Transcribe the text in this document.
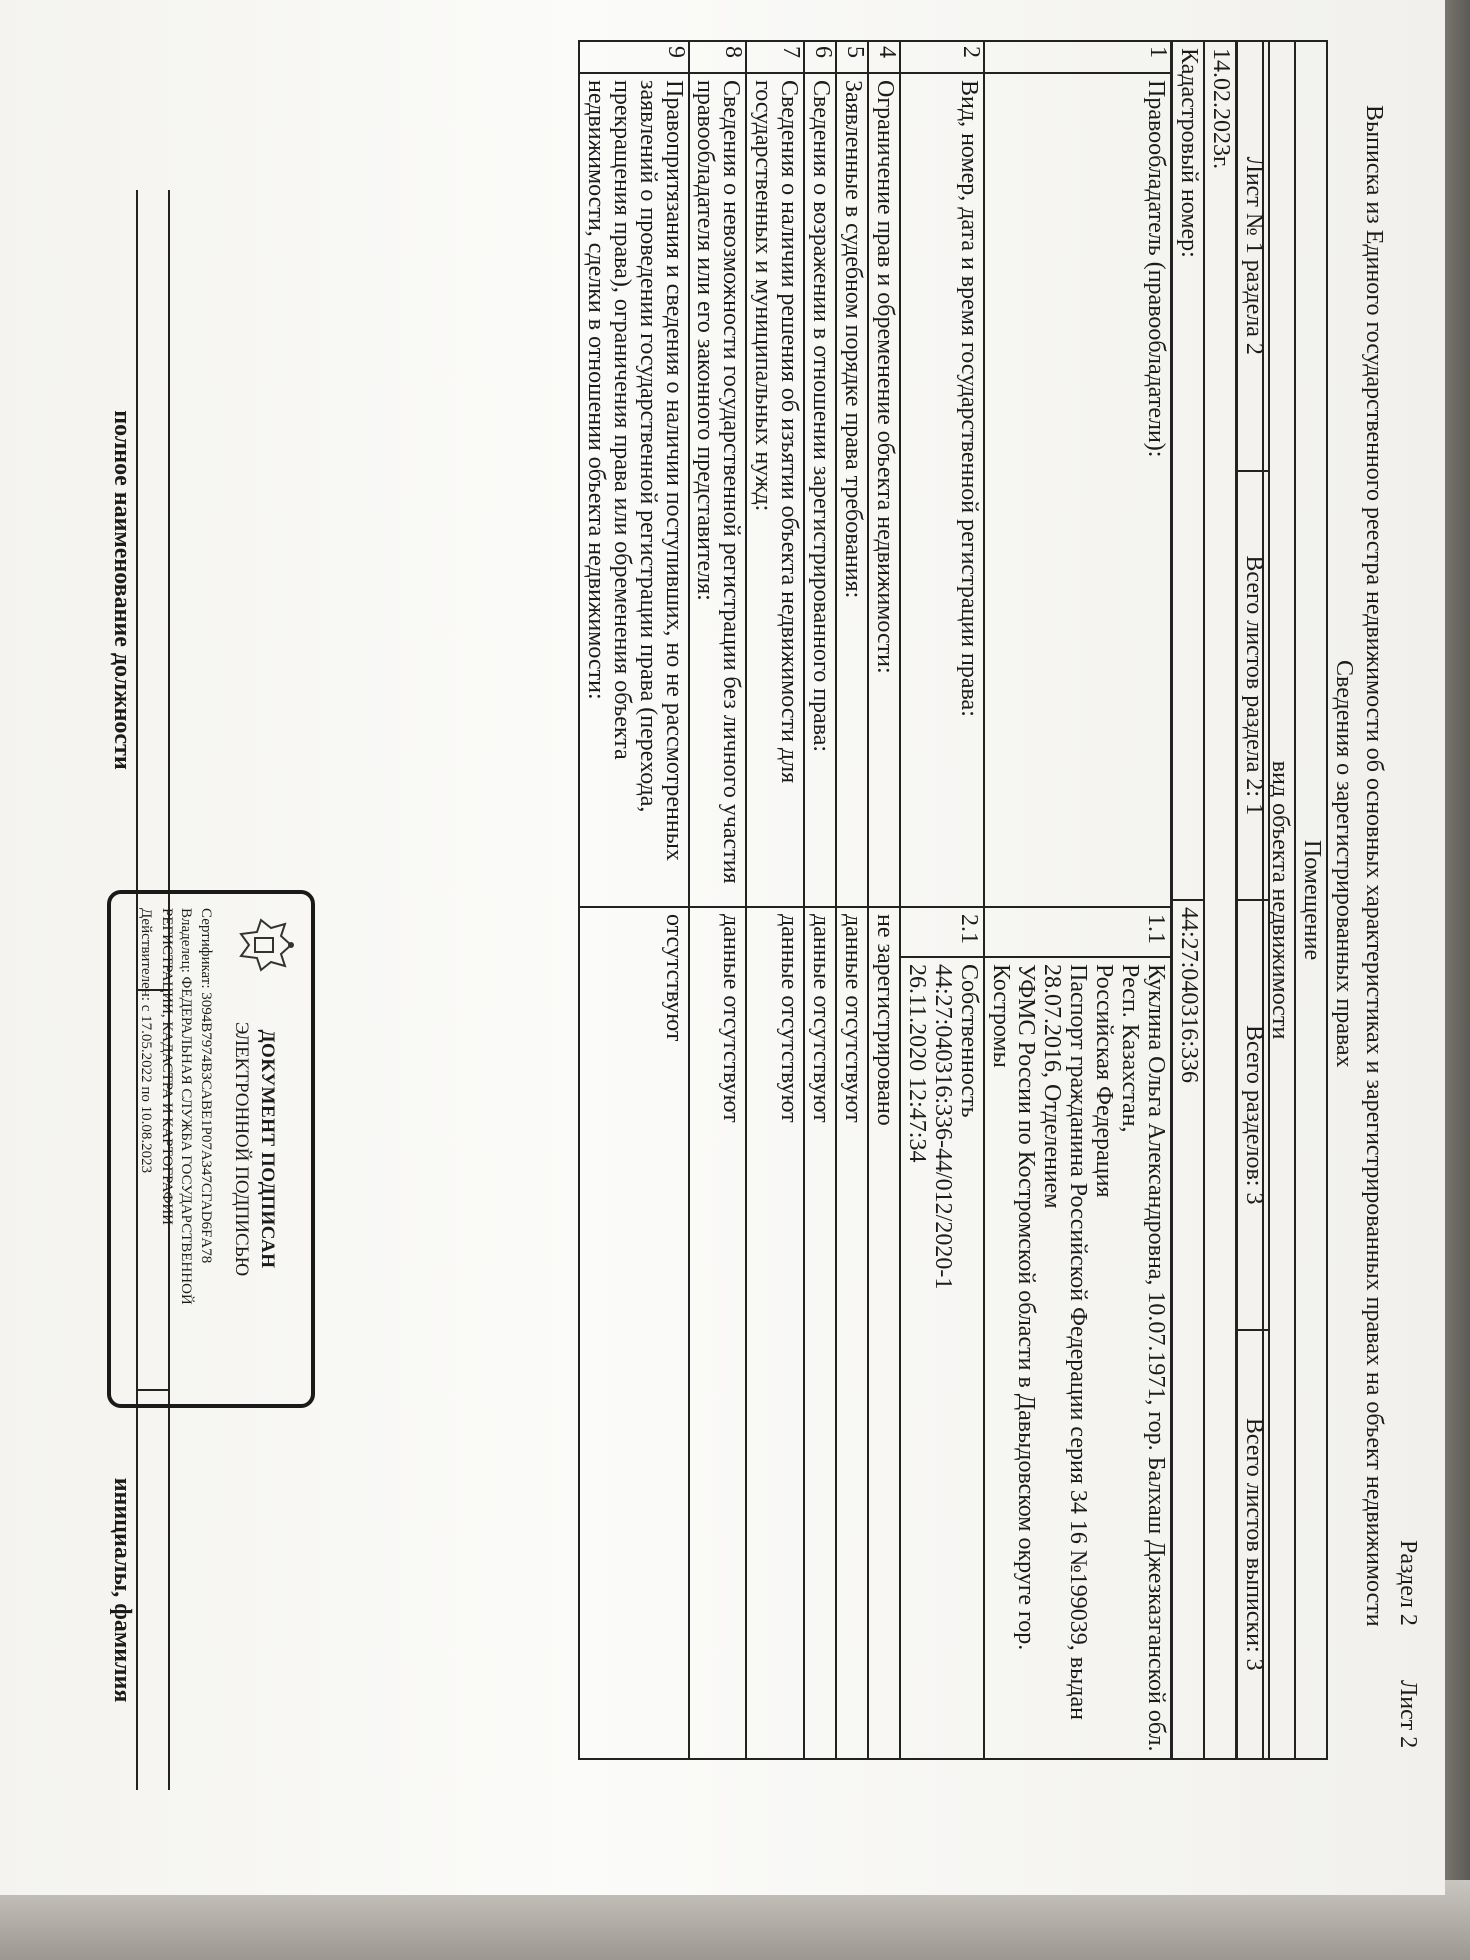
Раздел 2
Лист 2
Выписка из Единого государственного реестра недвижимости об основных характеристиках и зарегистрированных правах на объект недвижимости
Сведения о зарегистрированных правах
Помещение
вид объекта недвижимости
Лист № 1 раздела 2	Всего листов раздела 2: 1	Всего разделов: 3	Всего листов выписки: 3
14.02.2023г.

Кадастровый номер:	44:27:040316:336
1	Правообладатель (правообладатели):	1.1	Куклина Ольга Александровна, 10.07.1971, гор. Балхаш Джезказганской обл. Респ. Казахстан,
Российская Федерация
Паспорт гражданина Российской Федерации серия 34 16 №199039, выдан 28.07.2016, Отделением
УФМС России по Костромской области в Давыдовском округе гор. Костромы

2	Вид, номер, дата и время государственной регистрации права:	2.1	Собственность
44:27:040316:336-44/012/2020-1
26.11.2020 12:47:34

4	Ограничение прав и обременение объекта недвижимости:	не зарегистрировано	
5	Заявленные в судебном порядке права требования:	данные отсутствуют	
6	Сведения о возражении в отношении зарегистрированного права:	данные отсутствуют	
7	Сведения о наличии решения об изъятии объекта недвижимости для государственных и муниципальных нужд:	данные отсутствуют	
8	Сведения о невозможности государственной регистрации без личного участия правообладателя или его законного представителя:	данные отсутствуют	
9	Правопритязания и сведения о наличии поступивших, но не рассмотренных заявлений о проведении государственной регистрации права (перехода, прекращения права), ограничения права или обременения объекта недвижимости, сделки в отношении объекта недвижимости:	отсутствуют	

полное наименование должности		инициалы, фамилия
ДОКУМЕНТ ПОДПИСАН
ЭЛЕКТРОННОЙ ПОДПИСЬЮ
Сертификат: 3094В7974ВЗСАВЕ1Р07АЗ47СГАD6FА78
Владелец: ФЕДЕРАЛЬНАЯ СЛУЖБА ГОСУДАРСТВЕННОЙ
РЕГИСТРАЦИИ, КАДАСТРА И КАРТОГРАФИИ
Действителен: с 17.05.2022 по 10.08.2023
